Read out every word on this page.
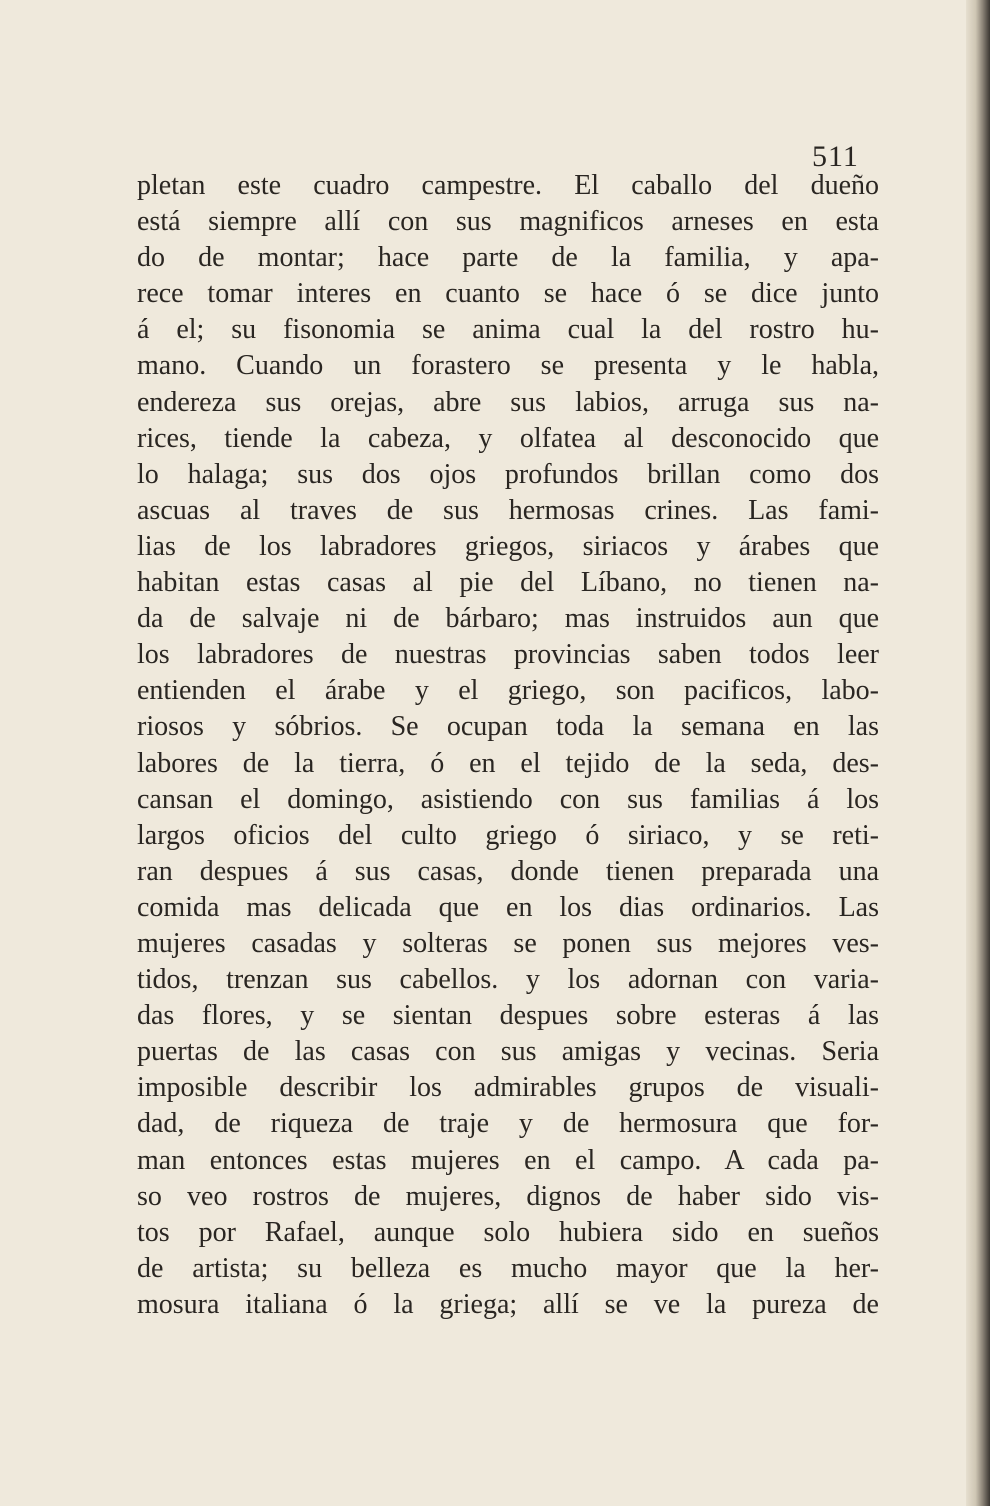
511
pletan este cuadro campestre. El caballo del dueño
está siempre allí con sus magnificos arneses en esta
do de montar; hace parte de la familia, y apa-
rece tomar interes en cuanto se hace ó se dice junto
á el; su fisonomia se anima cual la del rostro hu-
mano. Cuando un forastero se presenta y le habla,
endereza sus orejas, abre sus labios, arruga sus na-
rices, tiende la cabeza, y olfatea al desconocido que
lo halaga; sus dos ojos profundos brillan como dos
ascuas al traves de sus hermosas crines. Las fami-
lias de los labradores griegos, siriacos y árabes que
habitan estas casas al pie del Líbano, no tienen na-
da de salvaje ni de bárbaro; mas instruidos aun que
los labradores de nuestras provincias saben todos leer
entienden el árabe y el griego, son pacificos, labo-
riosos y sóbrios. Se ocupan toda la semana en las
labores de la tierra, ó en el tejido de la seda, des-
cansan el domingo, asistiendo con sus familias á los
largos oficios del culto griego ó siriaco, y se reti-
ran despues á sus casas, donde tienen preparada una
comida mas delicada que en los dias ordinarios. Las
mujeres casadas y solteras se ponen sus mejores ves-
tidos, trenzan sus cabellos. y los adornan con varia-
das flores, y se sientan despues sobre esteras á las
puertas de las casas con sus amigas y vecinas. Seria
imposible describir los admirables grupos de visuali-
dad, de riqueza de traje y de hermosura que for-
man entonces estas mujeres en el campo. A cada pa-
so veo rostros de mujeres, dignos de haber sido vis-
tos por Rafael, aunque solo hubiera sido en sueños
de artista; su belleza es mucho mayor que la her-
mosura italiana ó la griega; allí se ve la pureza de
